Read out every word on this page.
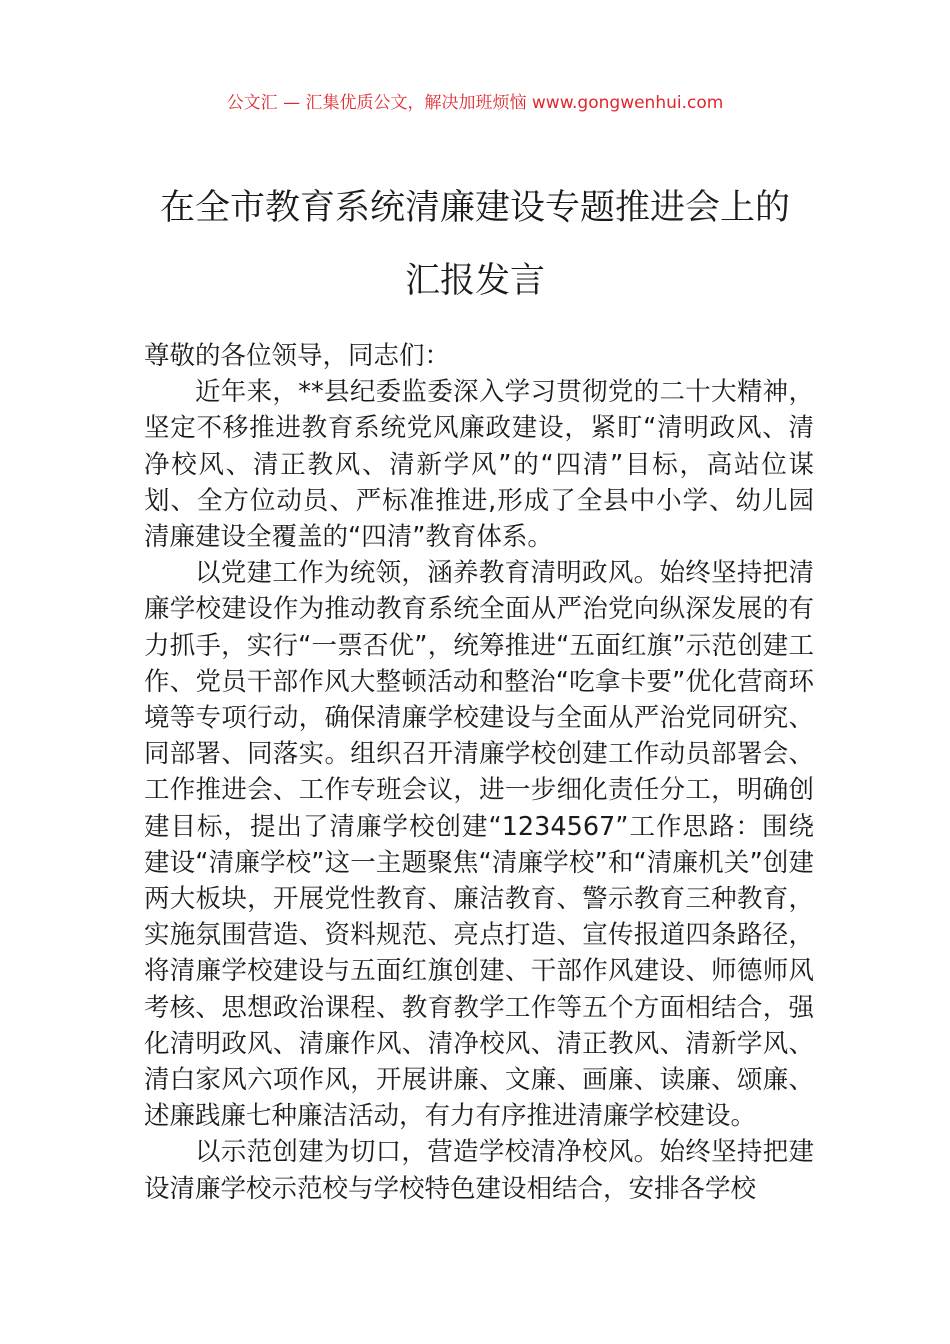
公文汇 — 汇集优质公文，解决加班烦恼 www.gongwenhui.com
在全市教育系统清廉建设专题推进会上的
汇报发言

尊敬的各位领导，同志们：

近年来，**县纪委监委深入学习贯彻党的二十大精神，坚定不移推进教育系统党风廉政建设，紧盯“清明政风、清净校风、清正教风、清新学风”的“四清”目标，高站位谋划、全方位动员、严标准推进,形成了全县中小学、幼儿园清廉建设全覆盖的“四清”教育体系。

以党建工作为统领，涵养教育清明政风。始终坚持把清廉学校建设作为推动教育系统全面从严治党向纵深发展的有力抓手，实行“一票否优”，统筹推进“五面红旗”示范创建工作、党员干部作风大整顿活动和整治“吃拿卡要”优化营商环境等专项行动，确保清廉学校建设与全面从严治党同研究、同部署、同落实。组织召开清廉学校创建工作动员部署会、工作推进会、工作专班会议，进一步细化责任分工，明确创建目标，提出了清廉学校创建“1234567”工作思路：围绕建设“清廉学校”这一主题聚焦“清廉学校”和“清廉机关”创建两大板块，开展党性教育、廉洁教育、警示教育三种教育，实施氛围营造、资料规范、亮点打造、宣传报道四条路径，将清廉学校建设与五面红旗创建、干部作风建设、师德师风考核、思想政治课程、教育教学工作等五个方面相结合，强化清明政风、清廉作风、清净校风、清正教风、清新学风、清白家风六项作风，开展讲廉、文廉、画廉、读廉、颂廉、述廉践廉七种廉洁活动，有力有序推进清廉学校建设。

以示范创建为切口，营造学校清净校风。始终坚持把建设清廉学校示范校与学校特色建设相结合，安排各学校
